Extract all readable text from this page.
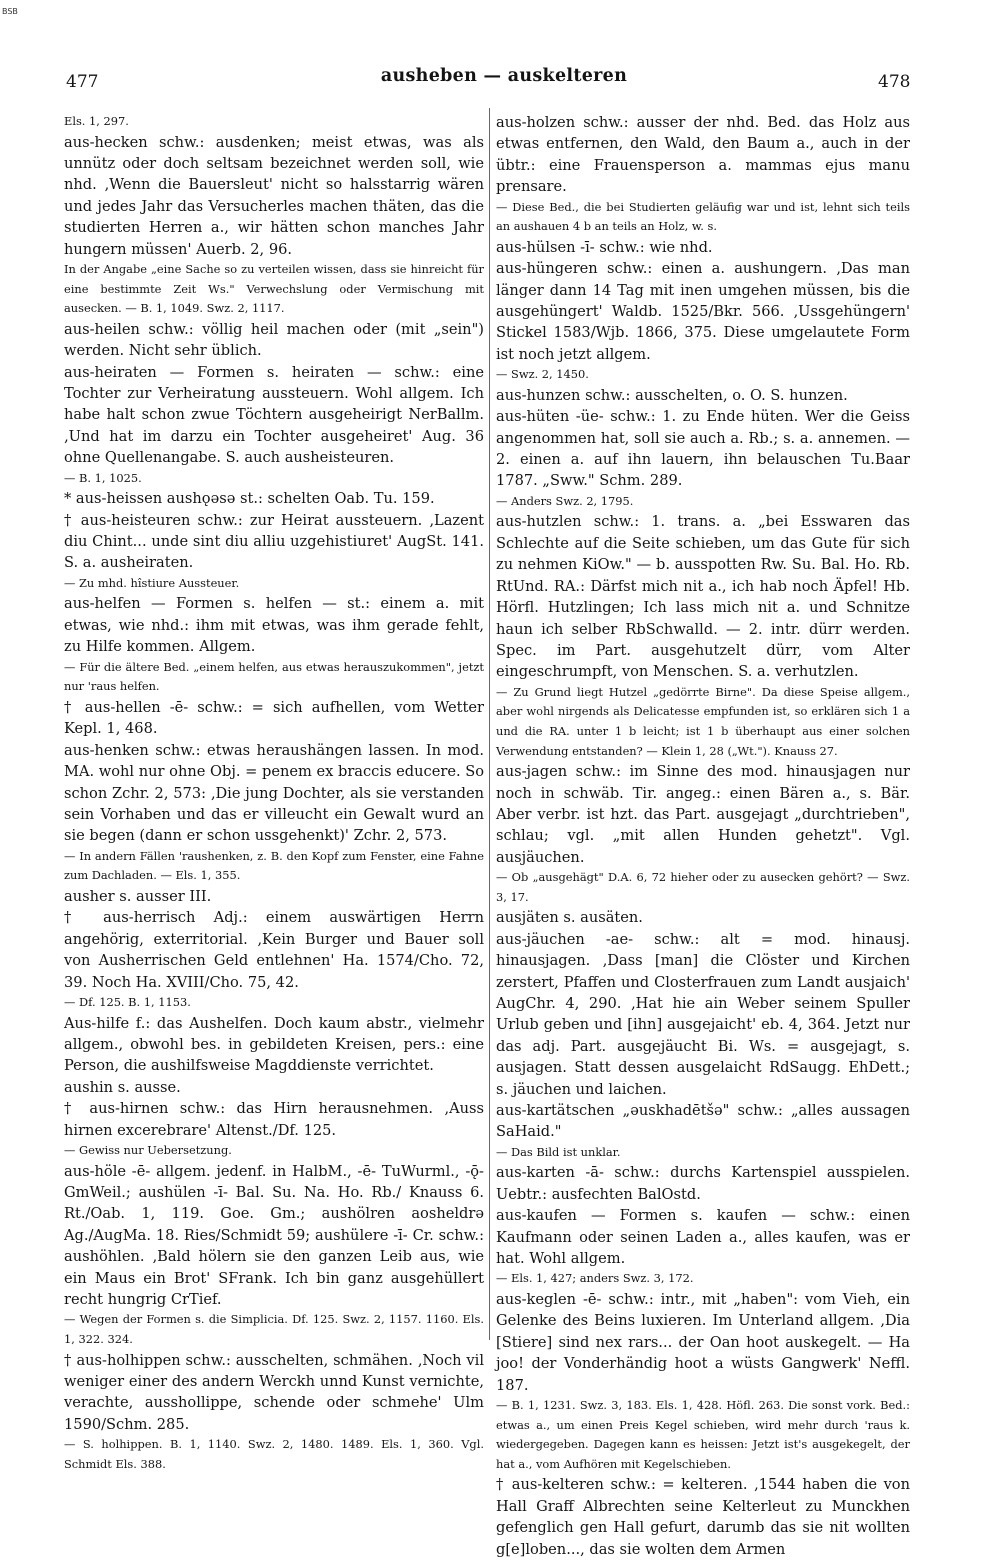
BSB
477	ausheben — auskelteren	478

Els. 1, 297.

aus-hecken schw.: ausdenken; meist etwas, was als unnütz oder doch seltsam bezeichnet werden soll, wie nhd. ‚Wenn die Bauersleut' nicht so halsstarrig wären und jedes Jahr das Versucherles machen thäten, das die studierten Herren a., wir hätten schon manches Jahr hungern müssen' Auerb. 2, 96.

In der Angabe „eine Sache so zu verteilen wissen, dass sie hinreicht für eine bestimmte Zeit Ws." Verwechslung oder Vermischung mit ausecken. — B. 1, 1049. Swz. 2, 1117.

aus-heilen schw.: völlig heil machen oder (mit „sein") werden. Nicht sehr üblich.

aus-heiraten — Formen s. heiraten — schw.: eine Tochter zur Verheiratung aussteuern. Wohl allgem. Ich habe halt schon zwue Töchtern ausgeheirigt NerBallm. ‚Und hat im darzu ein Tochter ausgeheiret' Aug. 36 ohne Quellenangabe. S. auch ausheisteuren.

— B. 1, 1025.

* aus-heissen aushǫəsə st.: schelten Oab. Tu. 159.

† aus-heisteuren schw.: zur Heirat aussteuern. ‚Lazent diu Chint... unde sint diu alliu uzgehistiuret' AugSt. 141. S. a. ausheiraten.

— Zu mhd. hîstiure Aussteuer.

aus-helfen — Formen s. helfen — st.: einem a. mit etwas, wie nhd.: ihm mit etwas, was ihm gerade fehlt, zu Hilfe kommen. Allgem.

— Für die ältere Bed. „einem helfen, aus etwas herauszukommen", jetzt nur 'raus helfen.

† aus-hellen -ē- schw.: = sich aufhellen, vom Wetter Kepl. 1, 468.

aus-henken schw.: etwas heraushängen lassen. In mod. MA. wohl nur ohne Obj. = penem ex braccis educere. So schon Zchr. 2, 573: ‚Die jung Dochter, als sie verstanden sein Vorhaben und das er villeucht ein Gewalt wurd an sie begen (dann er schon ussgehenkt)' Zchr. 2, 573.

— In andern Fällen 'raushenken, z. B. den Kopf zum Fenster, eine Fahne zum Dachladen. — Els. 1, 355.

ausher s. ausser III.

† aus-herrisch Adj.: einem auswärtigen Herrn angehörig, exterritorial. ‚Kein Burger und Bauer soll von Ausherrischen Geld entlehnen' Ha. 1574/Cho. 72, 39. Noch Ha. XVIII/Cho. 75, 42.

— Df. 125. B. 1, 1153.

Aus-hilfe f.: das Aushelfen. Doch kaum abstr., vielmehr allgem., obwohl bes. in gebildeten Kreisen, pers.: eine Person, die aushilfsweise Magddienste verrichtet.

aushin s. ausse.

† aus-hirnen schw.: das Hirn herausnehmen. ‚Auss hirnen excerebrare' Altenst./Df. 125.

— Gewiss nur Uebersetzung.

aus-höle -ē- allgem. jedenf. in HalbM., -ē- TuWurml., -ǭ- GmWeil.; aushülen -ī- Bal. Su. Na. Ho. Rb./ Knauss 6. Rt./Oab. 1, 119. Goe. Gm.; aushölren aosheldrə Ag./AugMa. 18. Ries/Schmidt 59; aushülere -ī- Cr. schw.: aushöhlen. ‚Bald hölern sie den ganzen Leib aus, wie ein Maus ein Brot' SFrank. Ich bin ganz ausgehüllert recht hungrig CrTief.

— Wegen der Formen s. die Simplicia. Df. 125. Swz. 2, 1157. 1160. Els. 1, 322. 324.

† aus-holhippen schw.: ausschelten, schmähen. ‚Noch vil weniger einer des andern Werckh unnd Kunst vernichte, verachte, ausshollippe, schende oder schmehe' Ulm 1590/Schm. 285.

— S. holhippen. B. 1, 1140. Swz. 2, 1480. 1489. Els. 1, 360. Vgl. Schmidt Els. 388.

aus-holzen schw.: ausser der nhd. Bed. das Holz aus etwas entfernen, den Wald, den Baum a., auch in der übtr.: eine Frauensperson a. mammas ejus manu prensare.

— Diese Bed., die bei Studierten geläufig war und ist, lehnt sich teils an aushauen 4 b an teils an Holz, w. s.

aus-hülsen -ī- schw.: wie nhd.

aus-hüngeren schw.: einen a. aushungern. ‚Das man länger dann 14 Tag mit inen umgehen müssen, bis die ausgehüngert' Waldb. 1525/Bkr. 566. ‚Ussgehüngern' Stickel 1583/Wjb. 1866, 375. Diese umgelautete Form ist noch jetzt allgem.

— Swz. 2, 1450.

aus-hunzen schw.: ausschelten, o. O. S. hunzen.

aus-hüten -üe- schw.: 1. zu Ende hüten. Wer die Geiss angenommen hat, soll sie auch a. Rb.; s. a. annemen. — 2. einen a. auf ihn lauern, ihn belauschen Tu.Baar 1787. „Sww." Schm. 289.

— Anders Swz. 2, 1795.

aus-hutzlen schw.: 1. trans. a. „bei Esswaren das Schlechte auf die Seite schieben, um das Gute für sich zu nehmen KiOw." — b. ausspotten Rw. Su. Bal. Ho. Rb. RtUnd. RA.: Därfst mich nit a., ich hab noch Äpfel! Hb. Hörfl. Hutzlingen; Ich lass mich nit a. und Schnitze haun ich selber RbSchwalld. — 2. intr. dürr werden. Spec. im Part. ausgehutzelt dürr, vom Alter eingeschrumpft, von Menschen. S. a. verhutzlen.

— Zu Grund liegt Hutzel „gedörrte Birne". Da diese Speise allgem., aber wohl nirgends als Delicatesse empfunden ist, so erklären sich 1 a und die RA. unter 1 b leicht; ist 1 b überhaupt aus einer solchen Verwendung entstanden? — Klein 1, 28 („Wt."). Knauss 27.

aus-jagen schw.: im Sinne des mod. hinausjagen nur noch in schwäb. Tir. angeg.: einen Bären a., s. Bär. Aber verbr. ist hzt. das Part. ausgejagt „durchtrieben", schlau; vgl. „mit allen Hunden gehetzt". Vgl. ausjäuchen.

— Ob „ausgehägt" D.A. 6, 72 hieher oder zu ausecken gehört? — Swz. 3, 17.

ausjäten s. ausäten.

aus-jäuchen -ae- schw.: alt = mod. hinausj. hinausjagen. ‚Dass [man] die Clöster und Kirchen zerstert, Pfaffen und Closterfrauen zum Landt ausjaich' AugChr. 4, 290. ‚Hat hie ain Weber seinem Spuller Urlub geben und [ihn] ausgejaicht' eb. 4, 364. Jetzt nur das adj. Part. ausgejäucht Bi. Ws. = ausgejagt, s. ausjagen. Statt dessen ausgelaicht RdSaugg. EhDett.; s. jäuchen und laichen.

aus-kartätschen „əuskhadētšə" schw.: „alles aussagen SaHaid."

— Das Bild ist unklar.

aus-karten -ā- schw.: durchs Kartenspiel ausspielen. Uebtr.: ausfechten BalOstd.

aus-kaufen — Formen s. kaufen — schw.: einen Kaufmann oder seinen Laden a., alles kaufen, was er hat. Wohl allgem.

— Els. 1, 427; anders Swz. 3, 172.

aus-keglen -ē- schw.: intr., mit „haben": vom Vieh, ein Gelenke des Beins luxieren. Im Unterland allgem. ‚Dia [Stiere] sind nex rars... der Oan hoot auskegelt. — Ha joo! der Vonderhändig hoot a wüsts Gangwerk' Neffl. 187.

— B. 1, 1231. Swz. 3, 183. Els. 1, 428. Höfl. 263. Die sonst vork. Bed.: etwas a., um einen Preis Kegel schieben, wird mehr durch 'raus k. wiedergegeben. Dagegen kann es heissen: Jetzt ist's ausgekegelt, der hat a., vom Aufhören mit Kegelschieben.

† aus-kelteren schw.: = kelteren. ‚1544 haben die von Hall Graff Albrechten seine Kelterleut zu Munckhen gefenglich gen Hall gefurt, darumb das sie nit wollten g[e]loben..., das sie wolten dem Armen
